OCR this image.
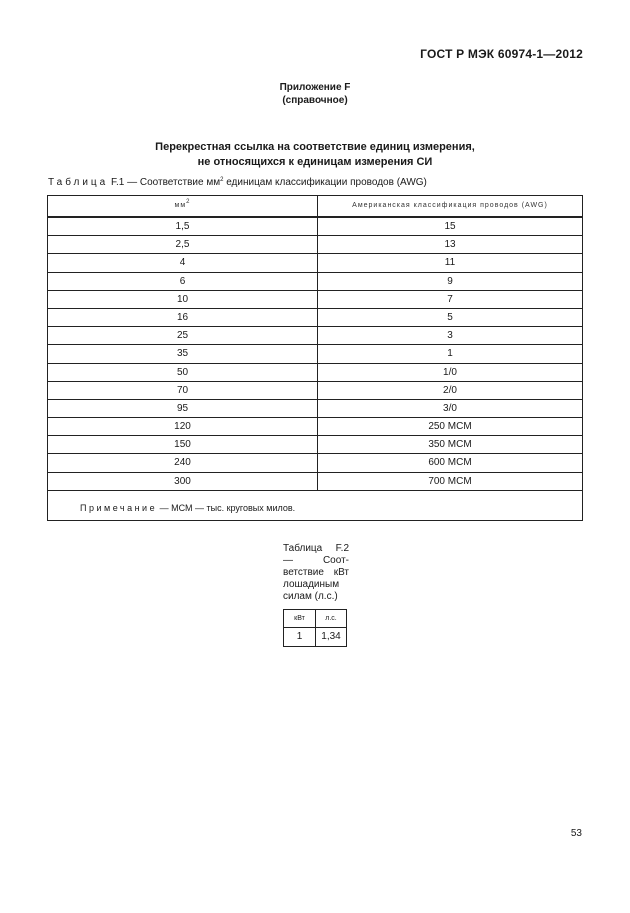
ГОСТ Р МЭК 60974-1—2012
Приложение F
(справочное)
Перекрестная ссылка на соответствие единиц измерения,
не относящихся к единицам измерения СИ
Таблица F.1 — Соответствие $мм^2$ единицам классификации проводов (AWG)
$мм^2$	Американская классификация проводов (AWG)
1,5	15
2,5	13
4	11
6	9
10	7
16	5
25	3
35	1
50	1/0
70	2/0
95	3/0
120	250 MCM
150	350 MCM
240	600 MCM
300	700 MCM
Примечание — МСМ — тыс. круговых милов.
Таблица F.2 — Соответствие кВт лошадиным силам (л.с.)
кВт	л.с.
1	1,34
53
